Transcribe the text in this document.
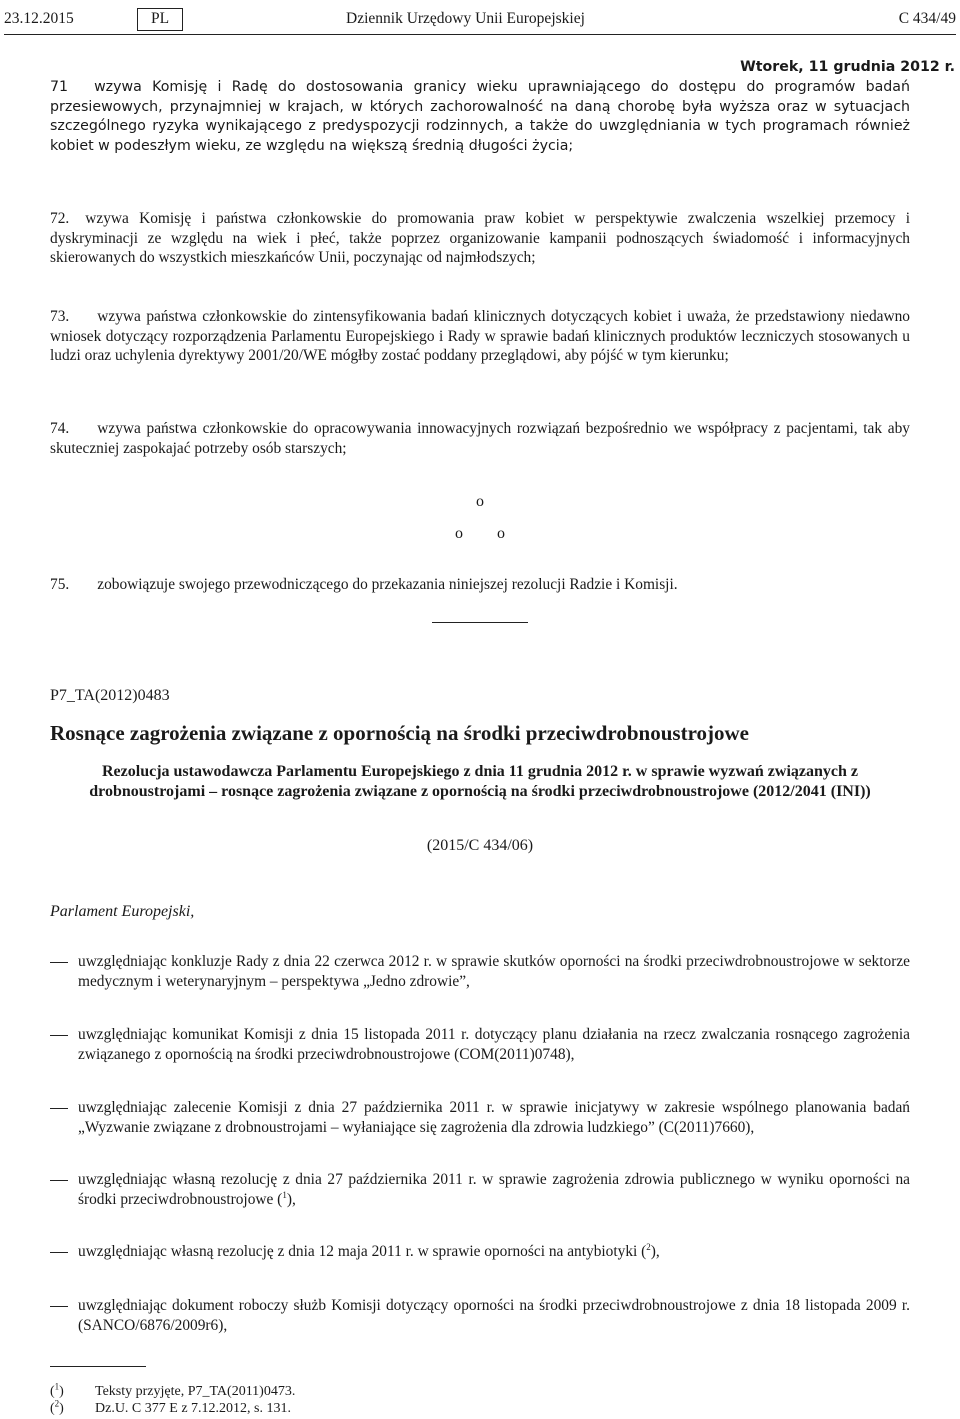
23.12.2015	PL	Dziennik Urzędowy Unii Europejskiej	C 434/49
Wtorek, 11 grudnia 2012 r.
71 wzywa Komisję i Radę do dostosowania granicy wieku uprawniającego do dostępu do programów badań przesiewowych, przynajmniej w krajach, w których zachorowalność na daną chorobę była wyższa oraz w sytuacjach szczególnego ryzyka wynikającego z predyspozycji rodzinnych, a także do uwzględniania w tych programach również kobiet w podeszłym wieku, ze względu na większą średnią długości życia;
72. wzywa Komisję i państwa członkowskie do promowania praw kobiet w perspektywie zwalczenia wszelkiej przemocy i dyskryminacji ze względu na wiek i płeć, także poprzez organizowanie kampanii podnoszących świadomość i informacyjnych skierowanych do wszystkich mieszkańców Unii, poczynając od najmłodszych;
73. wzywa państwa członkowskie do zintensyfikowania badań klinicznych dotyczących kobiet i uważa, że przedstawiony niedawno wniosek dotyczący rozporządzenia Parlamentu Europejskiego i Rady w sprawie badań klinicznych produktów leczniczych stosowanych u ludzi oraz uchylenia dyrektywy 2001/20/WE mógłby zostać poddany przeglądowi, aby pójść w tym kierunku;
74. wzywa państwa członkowskie do opracowywania innowacyjnych rozwiązań bezpośrednio we współpracy z pacjentami, tak aby skuteczniej zaspokajać potrzeby osób starszych;
o
o o
75. zobowiązuje swojego przewodniczącego do przekazania niniejszej rezolucji Radzie i Komisji.
P7_TA(2012)0483
Rosnące zagrożenia związane z opornością na środki przeciwdrobnoustrojowe
Rezolucja ustawodawcza Parlamentu Europejskiego z dnia 11 grudnia 2012 r. w sprawie wyzwań związanych z drobnoustrojami – rosnące zagrożenia związane z opornością na środki przeciwdrobnoustrojowe (2012/2041 (INI))
(2015/C 434/06)
Parlament Europejski,
uwzględniając konkluzje Rady z dnia 22 czerwca 2012 r. w sprawie skutków oporności na środki przeciwdrobnoustrojowe w sektorze medycznym i weterynaryjnym – perspektywa „Jedno zdrowie”,
uwzględniając komunikat Komisji z dnia 15 listopada 2011 r. dotyczący planu działania na rzecz zwalczania rosnącego zagrożenia związanego z opornością na środki przeciwdrobnoustrojowe (COM(2011)0748),
uwzględniając zalecenie Komisji z dnia 27 października 2011 r. w sprawie inicjatywy w zakresie wspólnego planowania badań „Wyzwanie związane z drobnoustrojami – wyłaniające się zagrożenia dla zdrowia ludzkiego” (C(2011)7660),
uwzględniając własną rezolucję z dnia 27 października 2011 r. w sprawie zagrożenia zdrowia publicznego w wyniku oporności na środki przeciwdrobnoustrojowe ($^1$),
uwzględniając własną rezolucję z dnia 12 maja 2011 r. w sprawie oporności na antybiotyki ($^2$),
uwzględniając dokument roboczy służb Komisji dotyczący oporności na środki przeciwdrobnoustrojowe z dnia 18 listopada 2009 r. (SANCO/6876/2009r6),
($^1$) Teksty przyjęte, P7_TA(2011)0473.
($^2$) Dz.U. C 377 E z 7.12.2012, s. 131.
